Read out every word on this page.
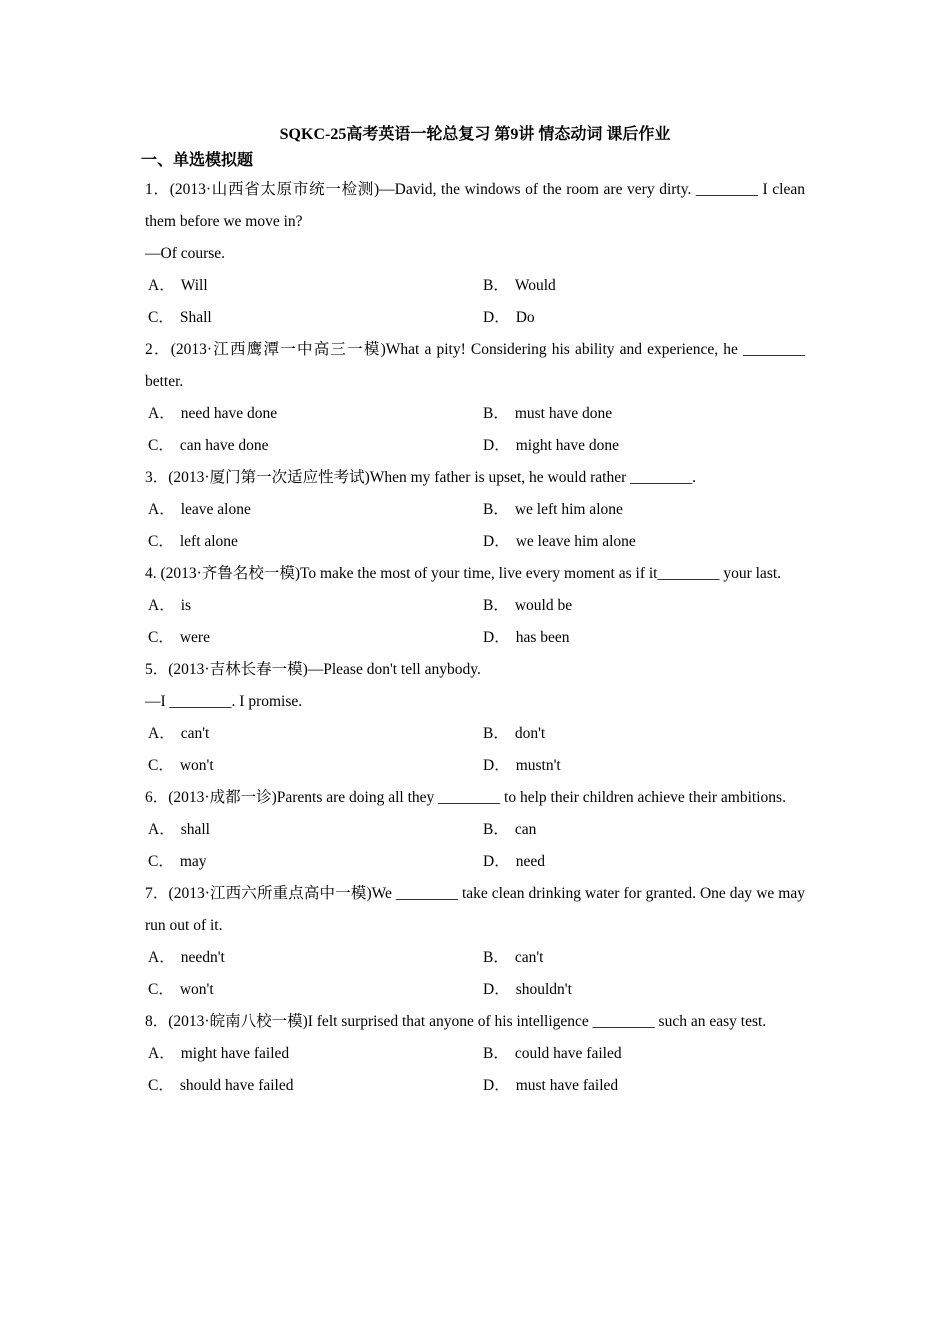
SQKC-25高考英语一轮总复习 第9讲 情态动词 课后作业
一、单选模拟题

1．(2013·山西省太原市统一检测)—David, the windows of the room are very dirty. ________ I clean them before we move in?

—Of course.

A． Will	B． Would

C． Shall	D． Do

2．(2013·江西鹰潭一中高三一模)What a pity! Considering his ability and experience, he ________ better.

A． need have done	B． must have done

C． can have done	D． might have done

3．(2013·厦门第一次适应性考试)When my father is upset, he would rather ________.

A． leave alone	B． we left him alone

C． left alone	D． we leave him alone

4. (2013·齐鲁名校一模)To make the most of your time, live every moment as if it________ your last.

A． is	B． would be

C． were	D． has been

5．(2013·吉林长春一模)—Please don't tell anybody.

—I ________. I promise.

A． can't	B． don't

C． won't	D． mustn't

6．(2013·成都一诊)Parents are doing all they ________ to help their children achieve their ambitions.

A． shall	B． can

C． may	D． need

7．(2013·江西六所重点高中一模)We ________ take clean drinking water for granted. One day we may run out of it.

A． needn't	B． can't

C． won't	D． shouldn't

8．(2013·皖南八校一模)I felt surprised that anyone of his intelligence ________ such an easy test.

A． might have failed	B． could have failed

C． should have failed	D． must have failed
